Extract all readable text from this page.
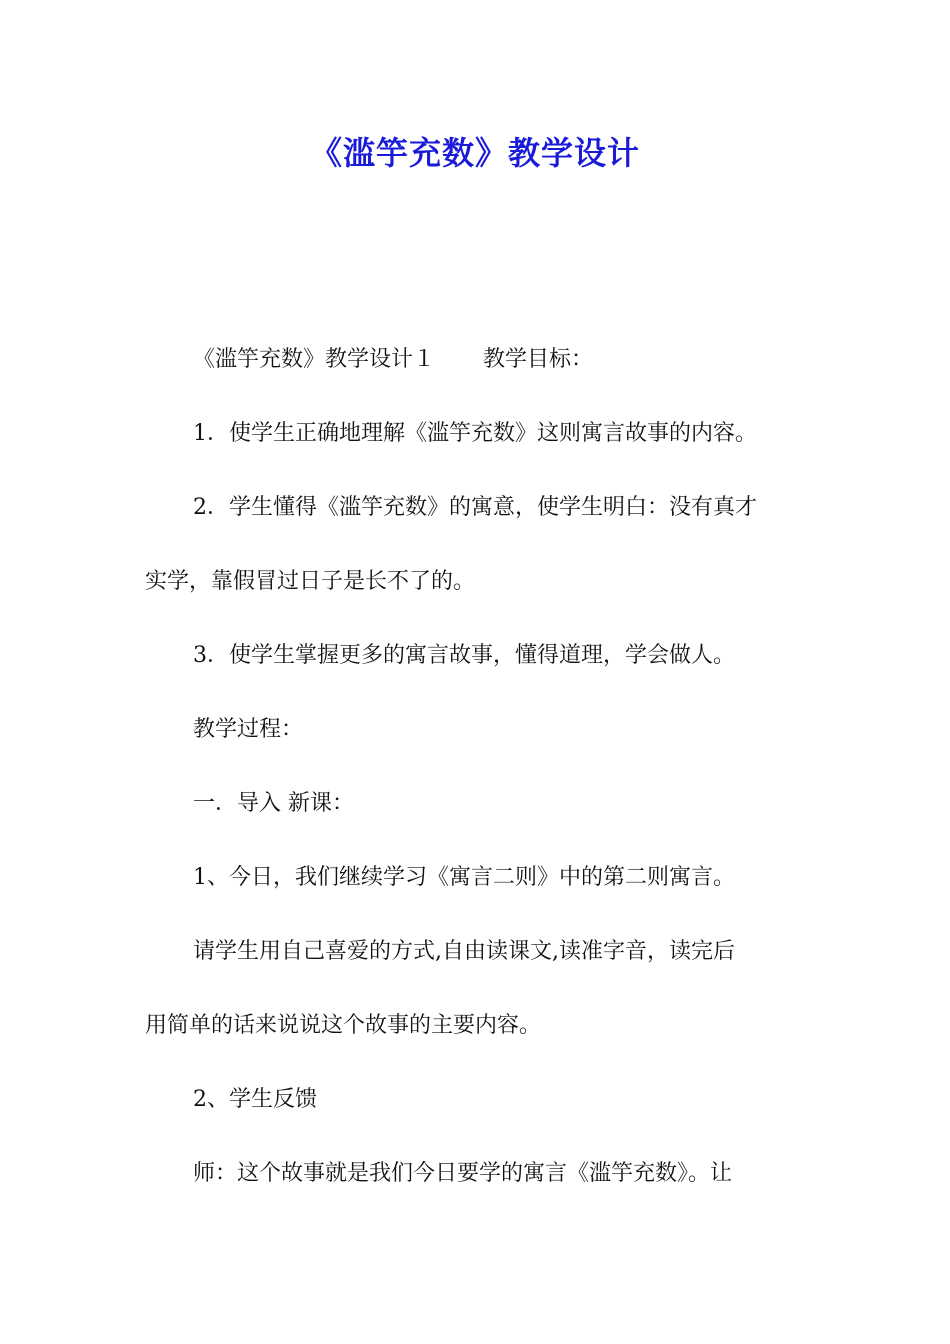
《滥竽充数》教学设计
《滥竽充数》教学设计１ 教学目标：
1．使学生正确地理解《滥竽充数》这则寓言故事的内容。
2．学生懂得《滥竽充数》的寓意，使学生明白：没有真才
实学，靠假冒过日子是长不了的。
3．使学生掌握更多的寓言故事，懂得道理，学会做人。
教学过程：
一．导入 新课：
1、今日，我们继续学习《寓言二则》中的第二则寓言。
请学生用自己喜爱的方式,自由读课文,读准字音，读完后
用简单的话来说说这个故事的主要内容。
2、学生反馈
师：这个故事就是我们今日要学的寓言《滥竽充数》。让
